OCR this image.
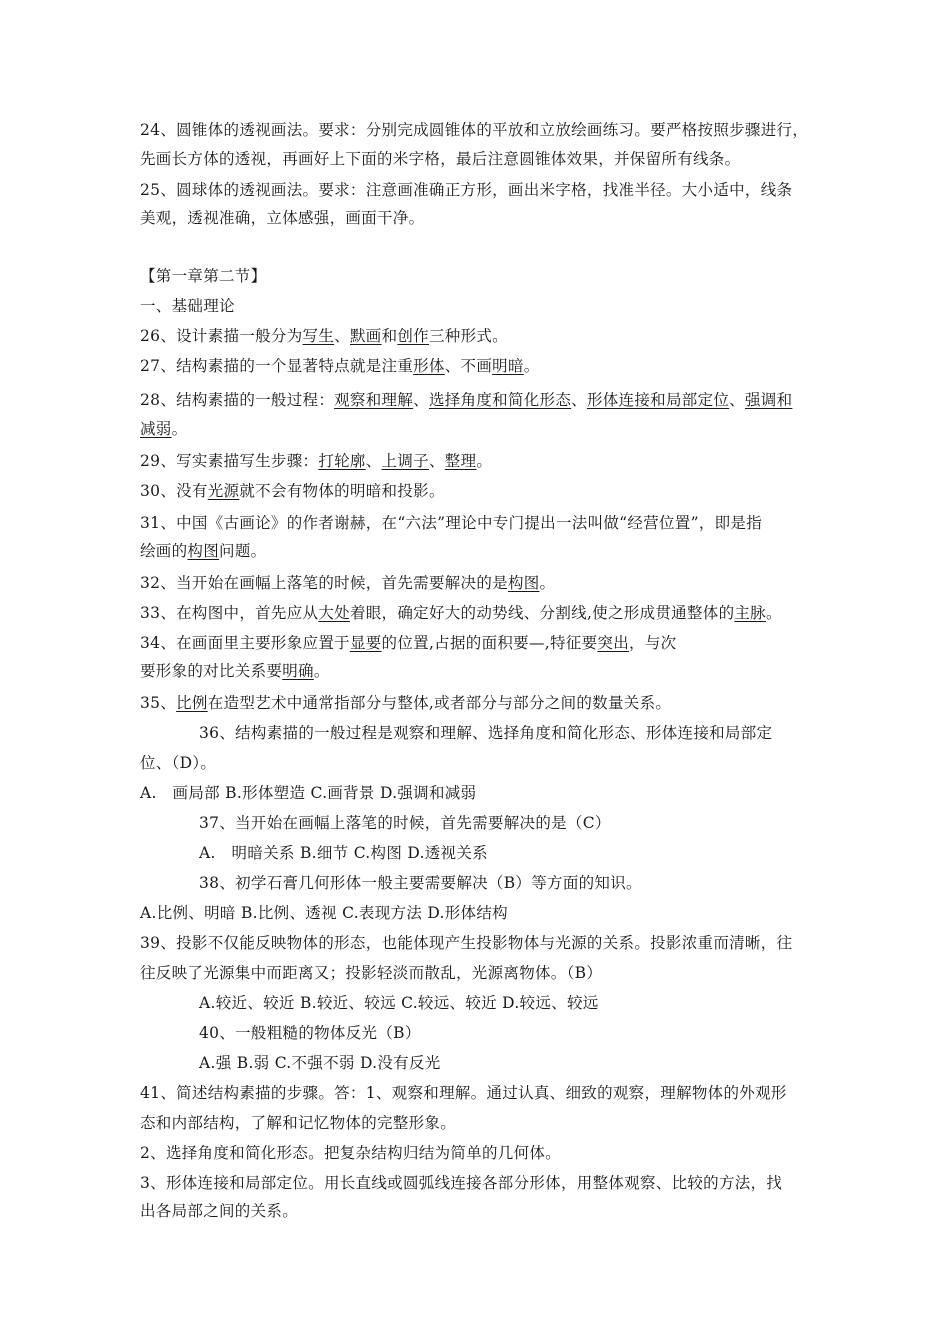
24、圆锥体的透视画法。要求：分别完成圆锥体的平放和立放绘画练习。要严格按照步骤进行，
先画长方体的透视，再画好上下面的米字格，最后注意圆锥体效果，并保留所有线条。
25、圆球体的透视画法。要求：注意画准确正方形，画出米字格，找准半径。大小适中，线条
美观，透视准确，立体感强，画面干净。
【第一章第二节】
一、基础理论
26、设计素描一般分为写生、默画和创作三种形式。
27、结构素描的一个显著特点就是注重形体、不画明暗。
28、结构素描的一般过程：观察和理解、选择角度和简化形态、形体连接和局部定位、强调和
减弱。
29、写实素描写生步骤：打轮廓、上调子、整理。
30、没有光源就不会有物体的明暗和投影。
31、中国《古画论》的作者谢赫，在“六法”理论中专门提出一法叫做“经营位置”，即是指
绘画的构图问题。
32、当开始在画幅上落笔的时候，首先需要解决的是构图。
33、在构图中，首先应从大处着眼，确定好大的动势线、分割线,使之形成贯通整体的主脉。
34、在画面里主要形象应置于显要的位置,占据的面积要—,特征要突出，与次
要形象的对比关系要明确。
35、比例在造型艺术中通常指部分与整体,或者部分与部分之间的数量关系。
36、结构素描的一般过程是观察和理解、选择角度和简化形态、形体连接和局部定
位、（D）。
A.　画局部 B.形体塑造 C.画背景 D.强调和减弱
37、当开始在画幅上落笔的时候，首先需要解决的是（C）
A.　明暗关系 B.细节 C.构图 D.透视关系
38、初学石膏几何形体一般主要需要解决（B）等方面的知识。
A.比例、明暗 B.比例、透视 C.表现方法 D.形体结构
39、投影不仅能反映物体的形态，也能体现产生投影物体与光源的关系。投影浓重而清晰，往
往反映了光源集中而距离又；投影轻淡而散乱，光源离物体。（B）
A.较近、较近 B.较近、较远 C.较远、较近 D.较远、较远
40、一般粗糙的物体反光（B）
A.强 B.弱 C.不强不弱 D.没有反光
41、简述结构素描的步骤。答：1、观察和理解。通过认真、细致的观察，理解物体的外观形
态和内部结构，了解和记忆物体的完整形象。
2、选择角度和简化形态。把复杂结构归结为简单的几何体。
3、形体连接和局部定位。用长直线或圆弧线连接各部分形体，用整体观察、比较的方法，找
出各局部之间的关系。
